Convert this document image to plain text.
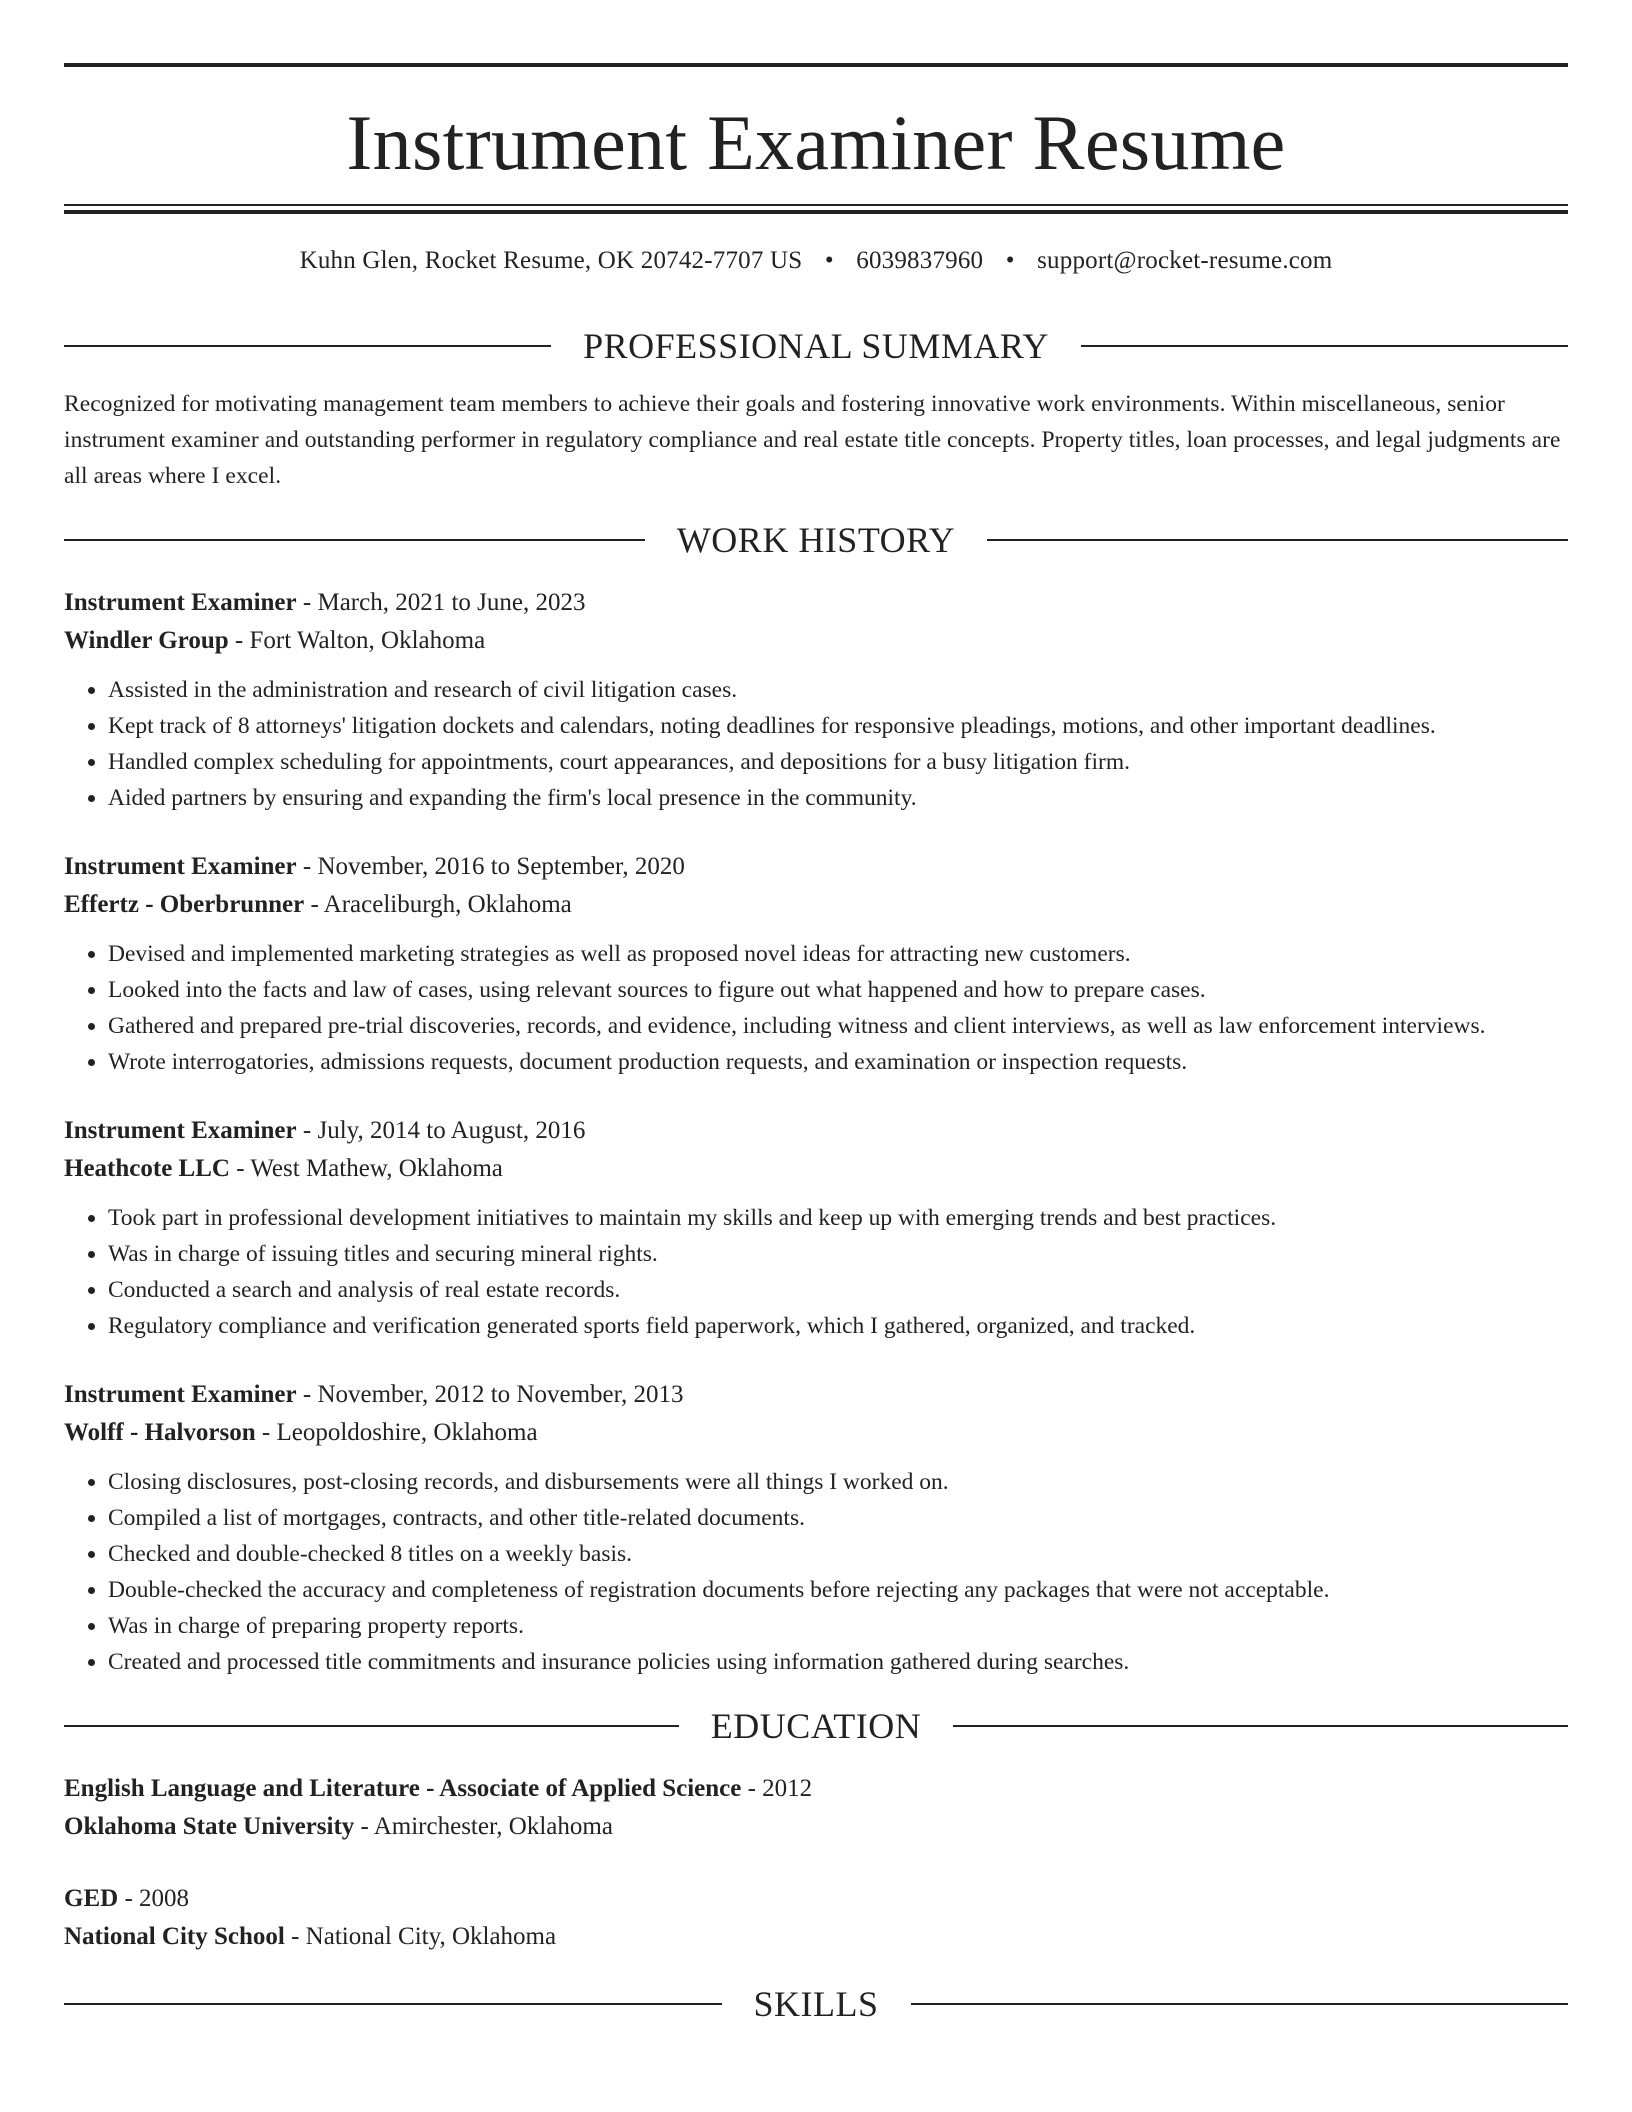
Instrument Examiner Resume
Kuhn Glen, Rocket Resume, OK 20742-7707 US • 6039837960 • support@rocket-resume.com
PROFESSIONAL SUMMARY

Recognized for motivating management team members to achieve their goals and fostering innovative work environments. Within miscellaneous, senior instrument examiner and outstanding performer in regulatory compliance and real estate title concepts. Property titles, loan processes, and legal judgments are all areas where I excel.

WORK HISTORY
Instrument Examiner - March, 2021 to June, 2023
Windler Group - Fort Walton, Oklahoma
• Assisted in the administration and research of civil litigation cases.
• Kept track of 8 attorneys' litigation dockets and calendars, noting deadlines for responsive pleadings, motions, and other important deadlines.
• Handled complex scheduling for appointments, court appearances, and depositions for a busy litigation firm.
• Aided partners by ensuring and expanding the firm's local presence in the community.
Instrument Examiner - November, 2016 to September, 2020
Effertz - Oberbrunner - Araceliburgh, Oklahoma
• Devised and implemented marketing strategies as well as proposed novel ideas for attracting new customers.
• Looked into the facts and law of cases, using relevant sources to figure out what happened and how to prepare cases.
• Gathered and prepared pre-trial discoveries, records, and evidence, including witness and client interviews, as well as law enforcement interviews.
• Wrote interrogatories, admissions requests, document production requests, and examination or inspection requests.
Instrument Examiner - July, 2014 to August, 2016
Heathcote LLC - West Mathew, Oklahoma
• Took part in professional development initiatives to maintain my skills and keep up with emerging trends and best practices.
• Was in charge of issuing titles and securing mineral rights.
• Conducted a search and analysis of real estate records.
• Regulatory compliance and verification generated sports field paperwork, which I gathered, organized, and tracked.
Instrument Examiner - November, 2012 to November, 2013
Wolff - Halvorson - Leopoldoshire, Oklahoma
• Closing disclosures, post-closing records, and disbursements were all things I worked on.
• Compiled a list of mortgages, contracts, and other title-related documents.
• Checked and double-checked 8 titles on a weekly basis.
• Double-checked the accuracy and completeness of registration documents before rejecting any packages that were not acceptable.
• Was in charge of preparing property reports.
• Created and processed title commitments and insurance policies using information gathered during searches.
EDUCATION
English Language and Literature - Associate of Applied Science - 2012
Oklahoma State University - Amirchester, Oklahoma
GED - 2008
National City School - National City, Oklahoma
SKILLS
